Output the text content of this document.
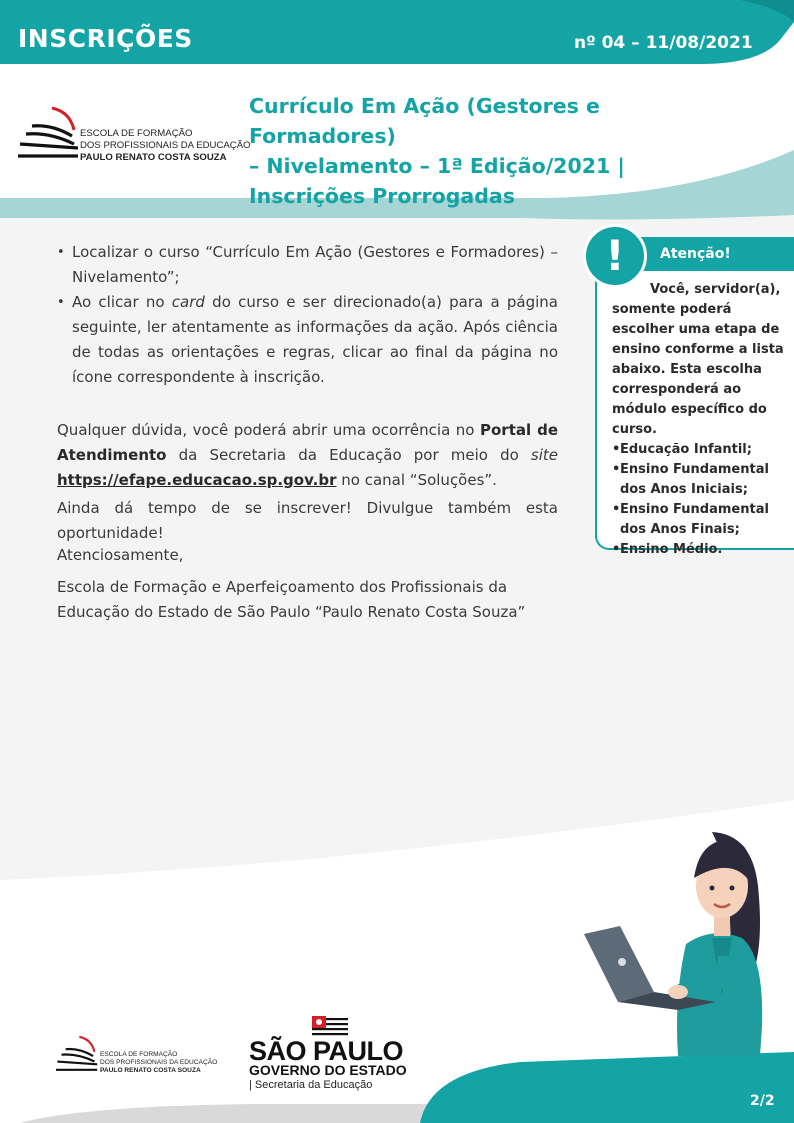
INSCRIÇÕES	nº 04 – 11/08/2021
Currículo Em Ação (Gestores e Formadores)
– Nivelamento – 1ª Edição/2021 |
Inscrições Prorrogadas
ESCOLA DE FORMAÇÃO
DOS PROFISSIONAIS DA EDUCAÇÃO
PAULO RENATO COSTA SOUZA
• Localizar o curso “Currículo Em Ação (Gestores e Formadores) – Nivelamento”;
• Ao clicar no card do curso e ser direcionado(a) para a página seguinte, ler atentamente as informações da ação. Após ciência de todas as orientações e regras, clicar ao final da página no ícone correspondente à inscrição.

Qualquer dúvida, você poderá abrir uma ocorrência no Portal de Atendimento da Secretaria da Educação por meio do site https://efape.educacao.sp.gov.br no canal “Soluções”.

Ainda dá tempo de se inscrever! Divulgue também esta oportunidade!

Atenciosamente,

Escola de Formação e Aperfeiçoamento dos Profissionais da Educação do Estado de São Paulo “Paulo Renato Costa Souza”

!	Atenção!
Você, servidor(a), somente poderá escolher uma etapa de ensino conforme a lista abaixo. Esta escolha corresponderá ao módulo específico do curso.
• Educação Infantil;
• Ensino Fundamental dos Anos Iniciais;
• Ensino Fundamental dos Anos Finais;
• Ensino Médio.
ESCOLA DE FORMAÇÃO
DOS PROFISSIONAIS DA EDUCAÇÃO
PAULO RENATO COSTA SOUZA
SÃO PAULO
GOVERNO DO ESTADO
| Secretaria da Educação
2/2
